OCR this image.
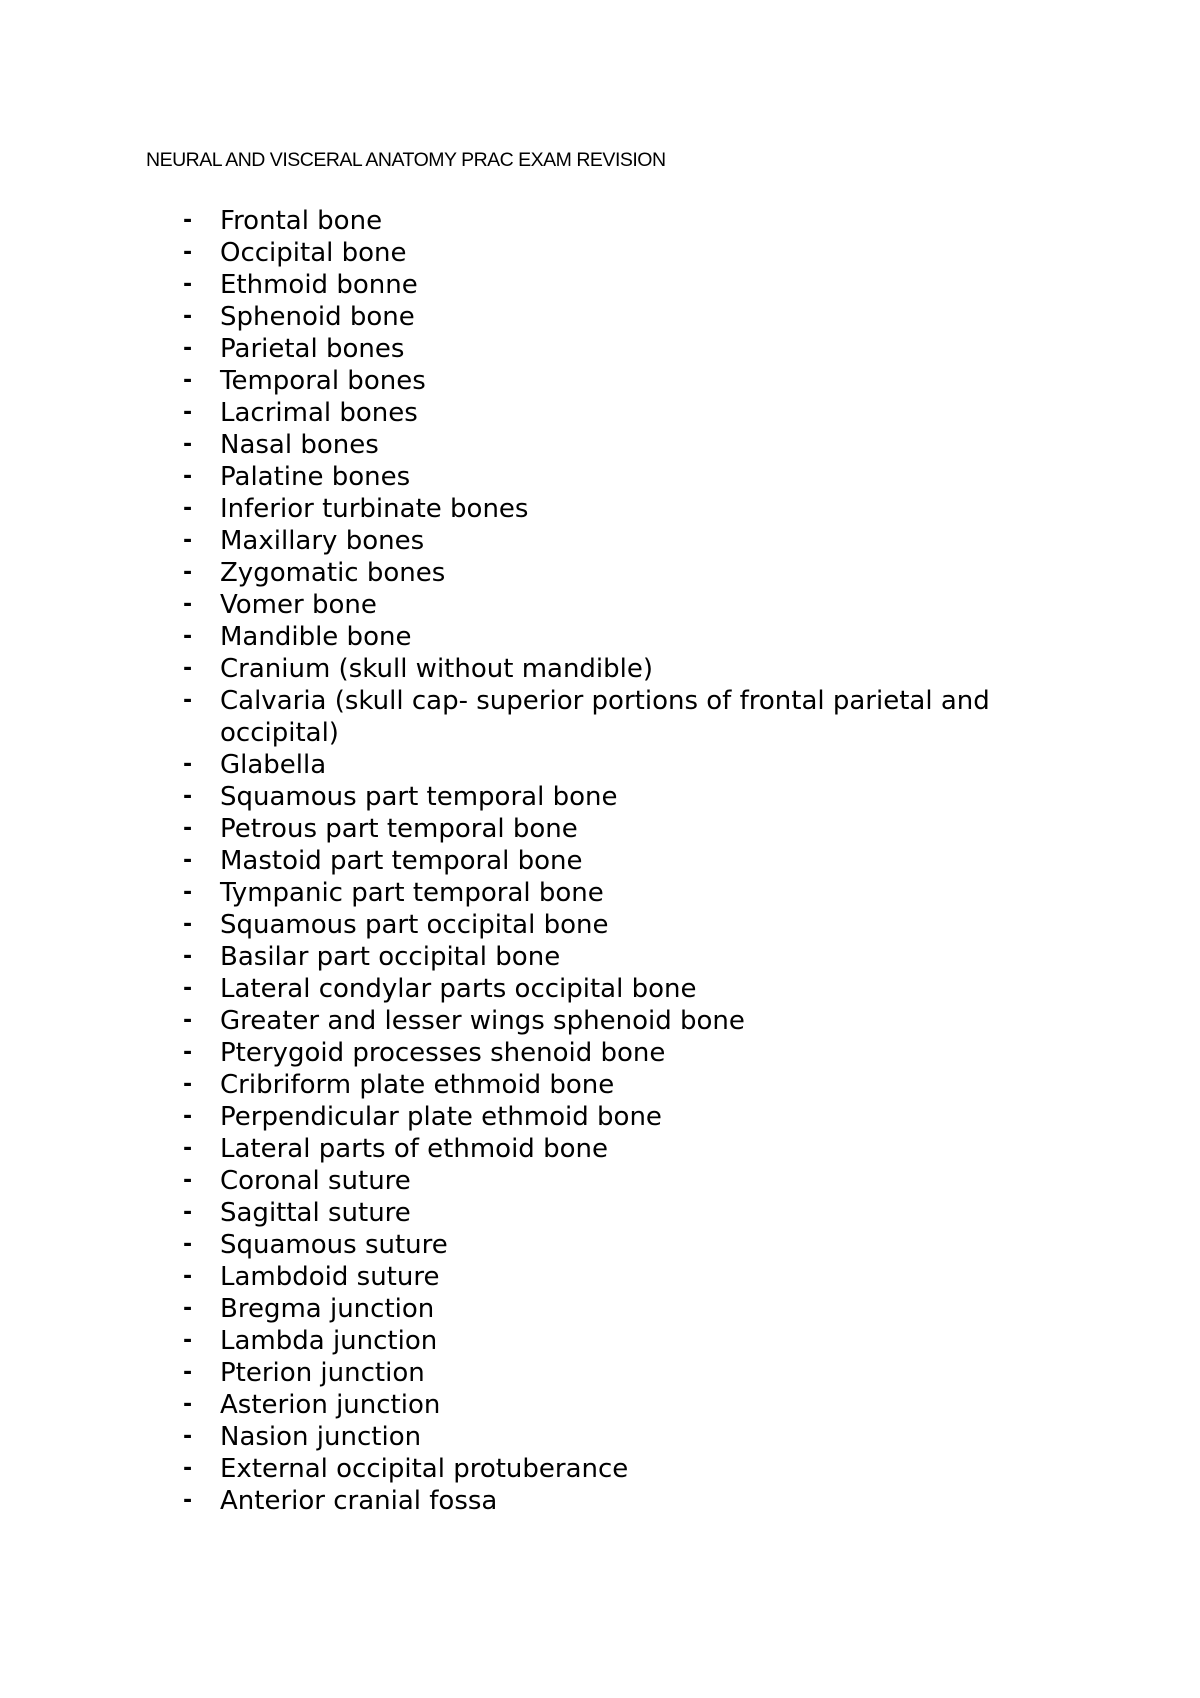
NEURAL AND VISCERAL ANATOMY PRAC EXAM REVISION
- Frontal bone
- Occipital bone
- Ethmoid bonne
- Sphenoid bone
- Parietal bones
- Temporal bones
- Lacrimal bones
- Nasal bones
- Palatine bones
- Inferior turbinate bones
- Maxillary bones
- Zygomatic bones
- Vomer bone
- Mandible bone
- Cranium (skull without mandible)
- Calvaria (skull cap- superior portions of frontal parietal and occipital)
- Glabella
- Squamous part temporal bone
- Petrous part temporal bone
- Mastoid part temporal bone
- Tympanic part temporal bone
- Squamous part occipital bone
- Basilar part occipital bone
- Lateral condylar parts occipital bone
- Greater and lesser wings sphenoid bone
- Pterygoid processes shenoid bone
- Cribriform plate ethmoid bone
- Perpendicular plate ethmoid bone
- Lateral parts of ethmoid bone
- Coronal suture
- Sagittal suture
- Squamous suture
- Lambdoid suture
- Bregma junction
- Lambda junction
- Pterion junction
- Asterion junction
- Nasion junction
- External occipital protuberance
- Anterior cranial fossa
